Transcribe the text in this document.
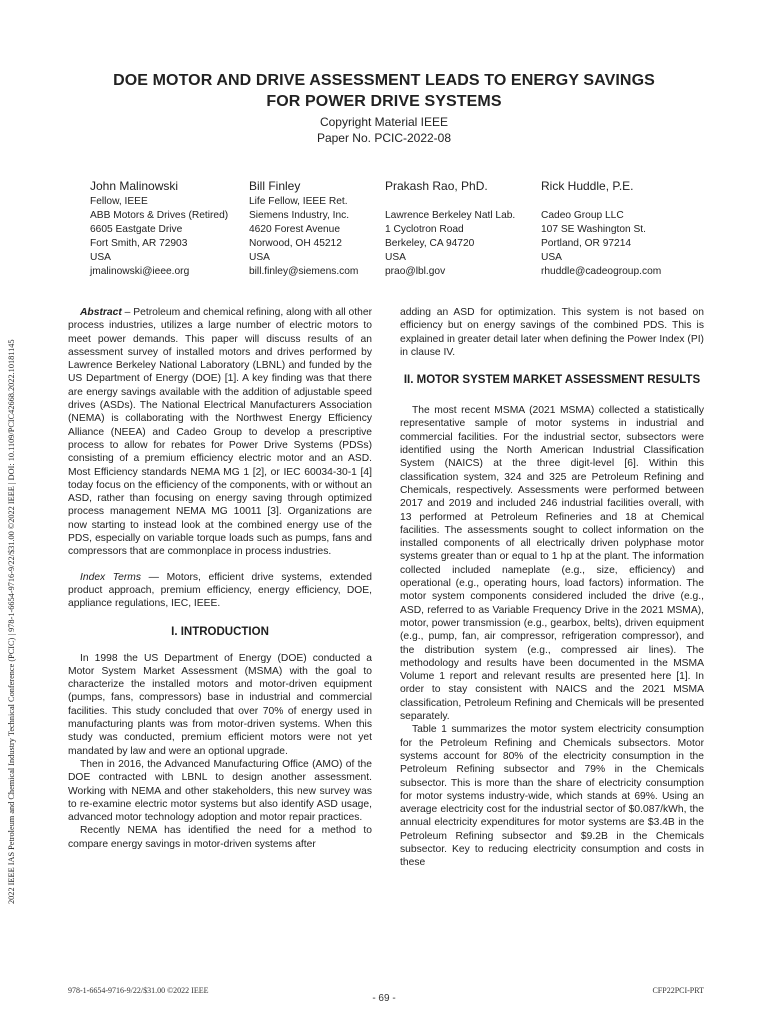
2022 IEEE IAS Petroleum and Chemical Industry Technical Conference (PCIC) | 978-1-6654-9716-9/22/$31.00 ©2022 IEEE | DOI: 10.1109/PCIC42668.2022.10181145
DOE MOTOR AND DRIVE ASSESSMENT LEADS TO ENERGY SAVINGS
FOR POWER DRIVE SYSTEMS
Copyright Material IEEE
Paper No. PCIC-2022-08
John Malinowski
Fellow, IEEE
ABB Motors & Drives (Retired)
6605 Eastgate Drive
Fort Smith, AR 72903
USA
jmalinowski@ieee.org
Bill Finley
Life Fellow, IEEE Ret.
Siemens Industry, Inc.
4620 Forest Avenue
Norwood, OH 45212
USA
bill.finley@siemens.com
Prakash Rao, PhD.
Lawrence Berkeley Natl Lab.
1 Cyclotron Road
Berkeley, CA 94720
USA
prao@lbl.gov
Rick Huddle, P.E.
Cadeo Group LLC
107 SE Washington St.
Portland, OR 97214
USA
rhuddle@cadeogroup.com

Abstract – Petroleum and chemical refining, along with all other process industries, utilizes a large number of electric motors to meet power demands. This paper will discuss results of an assessment survey of installed motors and drives performed by Lawrence Berkeley National Laboratory (LBNL) and funded by the US Department of Energy (DOE) [1]. A key finding was that there are energy savings available with the addition of adjustable speed drives (ASDs). The National Electrical Manufacturers Association (NEMA) is collaborating with the Northwest Energy Efficiency Alliance (NEEA) and Cadeo Group to develop a prescriptive process to allow for rebates for Power Drive Systems (PDSs) consisting of a premium efficiency electric motor and an ASD. Most Efficiency standards NEMA MG 1 [2], or IEC 60034-30-1 [4] today focus on the efficiency of the components, with or without an ASD, rather than focusing on energy saving through optimized process management NEMA MG 10011 [3]. Organizations are now starting to instead look at the combined energy use of the PDS, especially on variable torque loads such as pumps, fans and compressors that are commonplace in process industries.

Index Terms — Motors, efficient drive systems, extended product approach, premium efficiency, energy efficiency, DOE, appliance regulations, IEC, IEEE.

I. INTRODUCTION

In 1998 the US Department of Energy (DOE) conducted a Motor System Market Assessment (MSMA) with the goal to characterize the installed motors and motor-driven equipment (pumps, fans, compressors) base in industrial and commercial facilities. This study concluded that over 70% of energy used in manufacturing plants was from motor-driven systems. When this study was conducted, premium efficient motors were not yet mandated by law and were an optional upgrade.

Then in 2016, the Advanced Manufacturing Office (AMO) of the DOE contracted with LBNL to design another assessment. Working with NEMA and other stakeholders, this new survey was to re-examine electric motor systems but also identify ASD usage, advanced motor technology adoption and motor repair practices.

Recently NEMA has identified the need for a method to compare energy savings in motor-driven systems after

adding an ASD for optimization. This system is not based on efficiency but on energy savings of the combined PDS. This is explained in greater detail later when defining the Power Index (PI) in clause IV.

II. MOTOR SYSTEM MARKET ASSESSMENT RESULTS

The most recent MSMA (2021 MSMA) collected a statistically representative sample of motor systems in industrial and commercial facilities. For the industrial sector, subsectors were identified using the North American Industrial Classification System (NAICS) at the three digit-level [6]. Within this classification system, 324 and 325 are Petroleum Refining and Chemicals, respectively. Assessments were performed between 2017 and 2019 and included 246 industrial facilities overall, with 13 performed at Petroleum Refineries and 18 at Chemical facilities. The assessments sought to collect information on the installed components of all electrically driven polyphase motor systems greater than or equal to 1 hp at the plant. The information collected included nameplate (e.g., size, efficiency) and operational (e.g., operating hours, load factors) information. The motor system components considered included the drive (e.g., ASD, referred to as Variable Frequency Drive in the 2021 MSMA), motor, power transmission (e.g., gearbox, belts), driven equipment (e.g., pump, fan, air compressor, refrigeration compressor), and the distribution system (e.g., compressed air lines). The methodology and results have been documented in the MSMA Volume 1 report and relevant results are presented here [1]. In order to stay consistent with NAICS and the 2021 MSMA classification, Petroleum Refining and Chemicals will be presented separately.

Table 1 summarizes the motor system electricity consumption for the Petroleum Refining and Chemicals subsectors. Motor systems account for 80% of the electricity consumption in the Petroleum Refining subsector and 79% in the Chemicals subsector. This is more than the share of electricity consumption for motor systems industry-wide, which stands at 69%. Using an average electricity cost for the industrial sector of $0.087/kWh, the annual electricity expenditures for motor systems are $3.4B in the Petroleum Refining subsector and $9.2B in the Chemicals subsector. Key to reducing electricity consumption and costs in these

978-1-6654-9716-9/22/$31.00 ©2022 IEEE
- 69 -
CFP22PCI-PRT
